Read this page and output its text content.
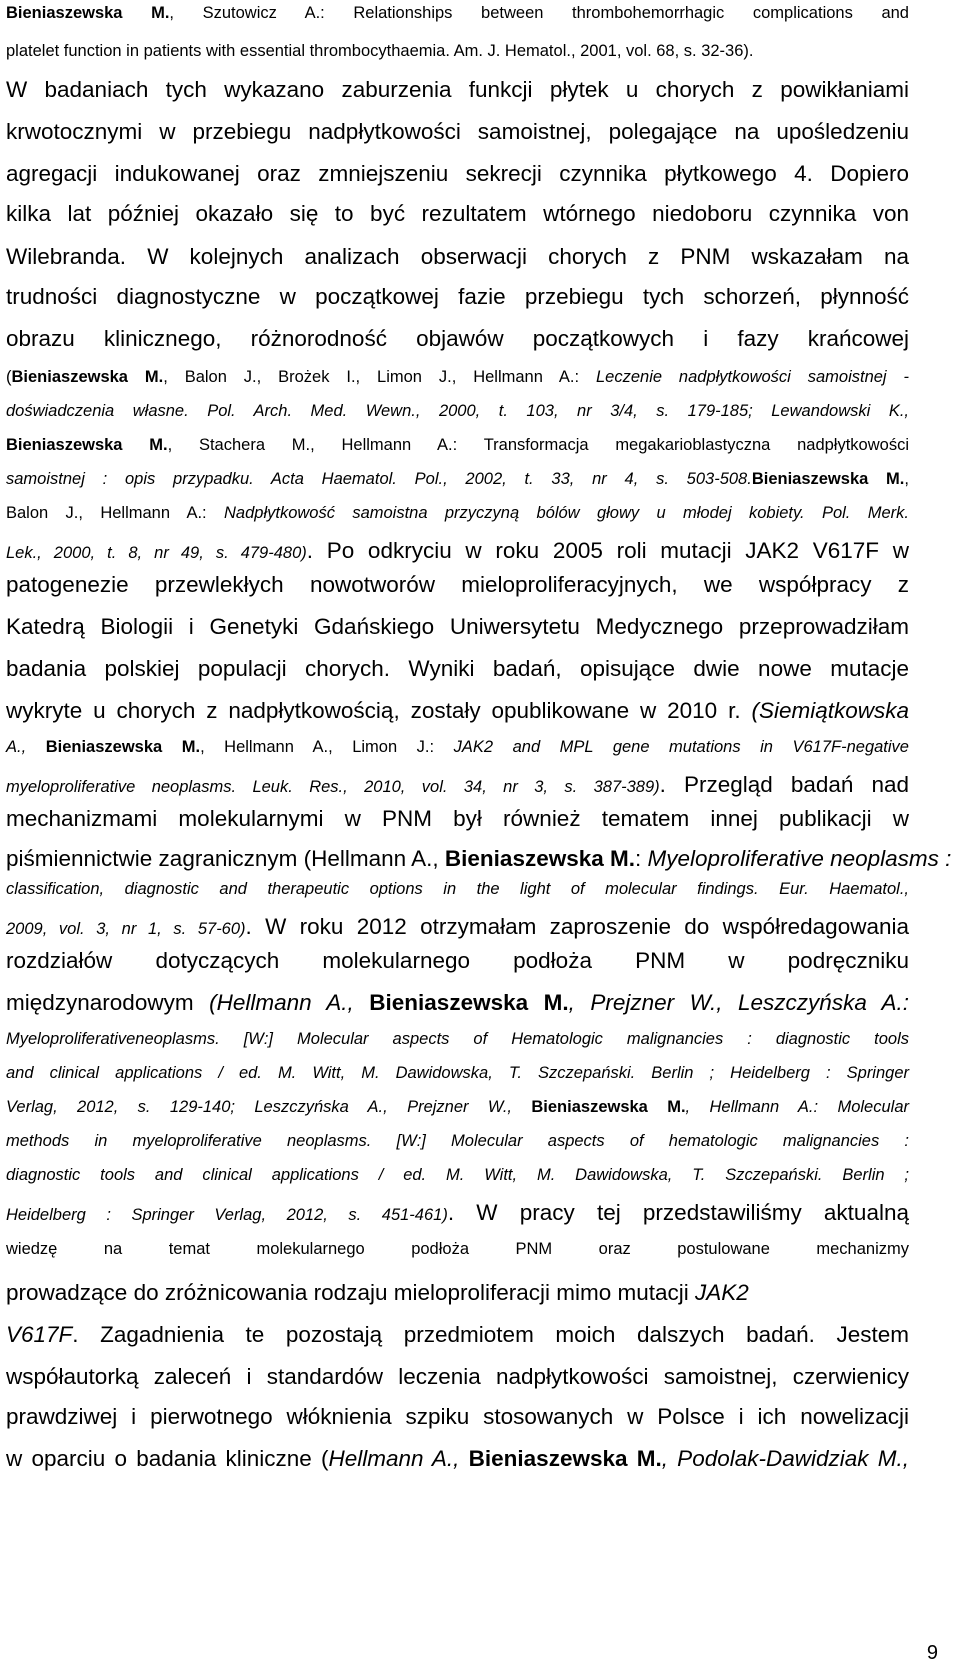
Bieniaszewska M., Szutowicz A.: Relationships between thrombohemorrhagic complications and
platelet function in patients with essential thrombocythaemia. Am. J. Hematol., 2001, vol. 68, s. 32-36).
W badaniach tych wykazano zaburzenia funkcji płytek u chorych z powikłaniami
krwotocznymi w przebiegu nadpłytkowości samoistnej, polegające na upośledzeniu
agregacji indukowanej oraz zmniejszeniu sekrecji czynnika płytkowego 4. Dopiero
kilka lat później okazało się to być rezultatem wtórnego niedoboru czynnika von
Wilebranda. W kolejnych analizach obserwacji chorych z PNM wskazałam na
trudności diagnostyczne w początkowej fazie przebiegu tych schorzeń, płynność
obrazu klinicznego, różnorodność objawów początkowych i fazy krańcowej
(Bieniaszewska M., Balon J., Brożek I., Limon J., Hellmann A.: Leczenie nadpłytkowości samoistnej -
doświadczenia własne. Pol. Arch. Med. Wewn., 2000, t. 103, nr 3/4, s. 179-185; Lewandowski K.,
Bieniaszewska M., Stachera M., Hellmann A.: Transformacja megakarioblastyczna nadpłytkowości
samoistnej : opis przypadku. Acta Haematol. Pol., 2002, t. 33, nr 4, s. 503-508.Bieniaszewska M.,
Balon J., Hellmann A.: Nadpłytkowość samoistna przyczyną bólów głowy u młodej kobiety. Pol. Merk.
Lek., 2000, t. 8, nr 49, s. 479-480). Po odkryciu w roku 2005 roli mutacji JAK2 V617F w
patogenezie przewlekłych nowotworów mieloproliferacyjnych, we współpracy z
Katedrą Biologii i Genetyki Gdańskiego Uniwersytetu Medycznego przeprowadziłam
badania polskiej populacji chorych. Wyniki badań, opisujące dwie nowe mutacje
wykryte u chorych z nadpłytkowością, zostały opublikowane w 2010 r. (Siemiątkowska
A., Bieniaszewska M., Hellmann A., Limon J.: JAK2 and MPL gene mutations in V617F-negative
myeloproliferative neoplasms. Leuk. Res., 2010, vol. 34, nr 3, s. 387-389). Przegląd badań nad
mechanizmami molekularnymi w PNM był również tematem innej publikacji w
piśmiennictwie zagranicznym (Hellmann A., Bieniaszewska M.: Myeloproliferative neoplasms :
classification, diagnostic and therapeutic options in the light of molecular findings. Eur. Haematol.,
2009, vol. 3, nr 1, s. 57-60). W roku 2012 otrzymałam zaproszenie do współredagowania
rozdziałów dotyczących molekularnego podłoża PNM w podręczniku
międzynarodowym (Hellmann A., Bieniaszewska M., Prejzner W., Leszczyńska A.:
Myeloproliferativeneoplasms. [W:] Molecular aspects of Hematologic malignancies : diagnostic tools
and clinical applications / ed. M. Witt, M. Dawidowska, T. Szczepański. Berlin ; Heidelberg : Springer
Verlag, 2012, s. 129-140; Leszczyńska A., Prejzner W., Bieniaszewska M., Hellmann A.: Molecular
methods in myeloproliferative neoplasms. [W:] Molecular aspects of hematologic malignancies :
diagnostic tools and clinical applications / ed. M. Witt, M. Dawidowska, T. Szczepański. Berlin ;
Heidelberg : Springer Verlag, 2012, s. 451-461). W pracy tej przedstawiliśmy aktualną
wiedzę na temat molekularnego podłoża PNM oraz postulowane mechanizmy
prowadzące do zróżnicowania rodzaju mieloproliferacji mimo mutacji JAK2
V617F. Zagadnienia te pozostają przedmiotem moich dalszych badań. Jestem
współautorką zaleceń i standardów leczenia nadpłytkowości samoistnej, czerwienicy
prawdziwej i pierwotnego włóknienia szpiku stosowanych w Polsce i ich nowelizacji
w oparciu o badania kliniczne (Hellmann A., Bieniaszewska M., Podolak-Dawidziak M.,
9
